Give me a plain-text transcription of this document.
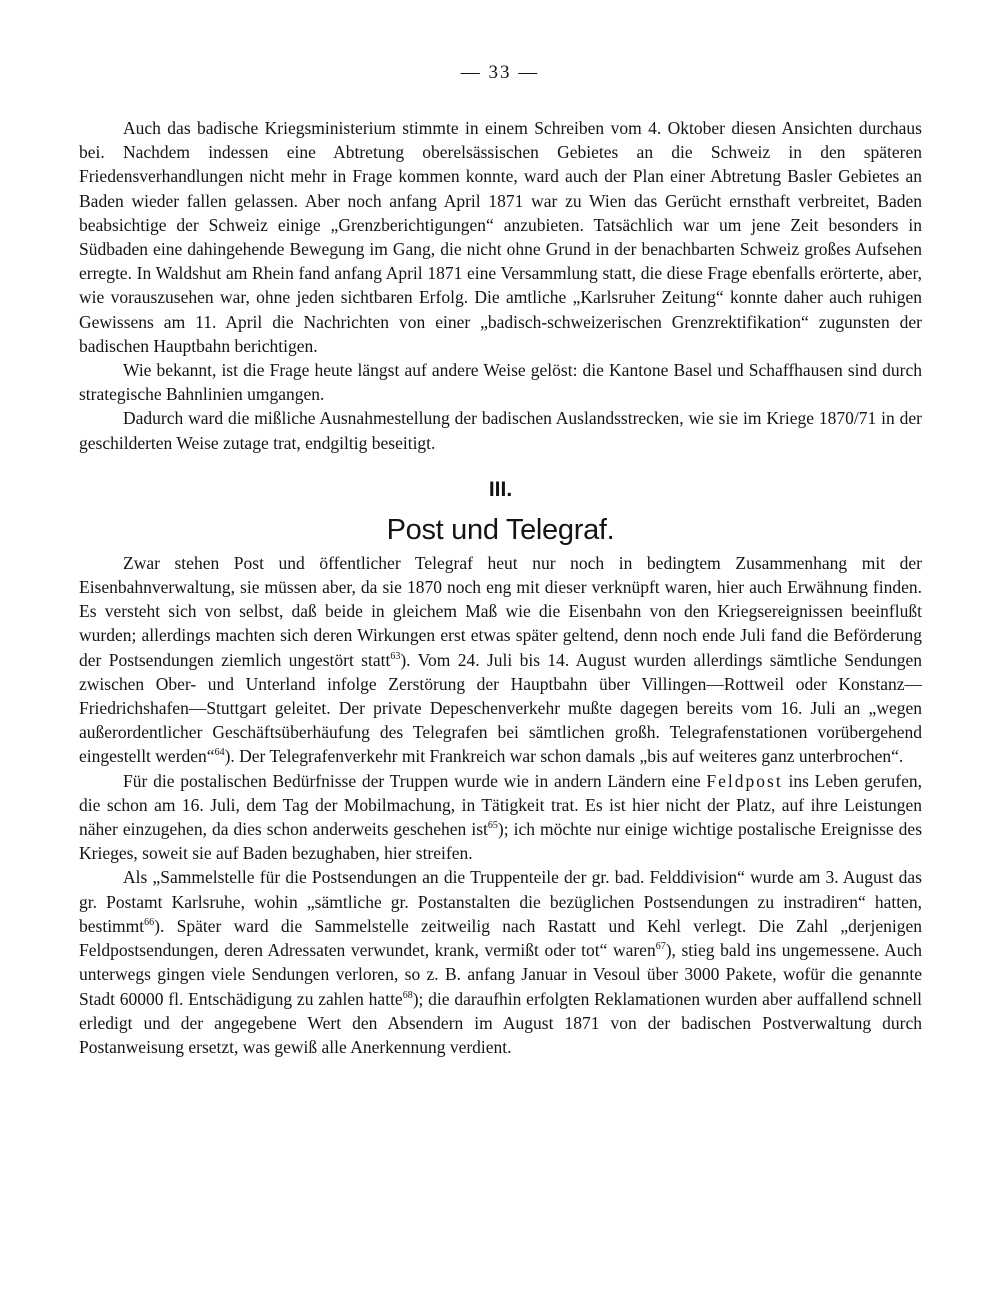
— 33 —

Auch das badische Kriegsministerium stimmte in einem Schreiben vom 4. Oktober diesen Ansichten durchaus bei. Nachdem indessen eine Abtretung oberelsässischen Gebietes an die Schweiz in den späteren Friedensverhandlungen nicht mehr in Frage kommen konnte, ward auch der Plan einer Abtretung Basler Gebietes an Baden wieder fallen gelassen. Aber noch anfang April 1871 war zu Wien das Gerücht ernsthaft verbreitet, Baden beabsichtige der Schweiz einige „Grenzberichtigungen“ anzubieten. Tatsächlich war um jene Zeit besonders in Südbaden eine dahingehende Bewegung im Gang, die nicht ohne Grund in der benachbarten Schweiz großes Aufsehen erregte. In Waldshut am Rhein fand anfang April 1871 eine Versammlung statt, die diese Frage ebenfalls erörterte, aber, wie vorauszusehen war, ohne jeden sichtbaren Erfolg. Die amtliche „Karlsruher Zeitung“ konnte daher auch ruhigen Gewissens am 11. April die Nachrichten von einer „badisch-schweizerischen Grenzrektifikation“ zugunsten der badischen Hauptbahn berichtigen.

Wie bekannt, ist die Frage heute längst auf andere Weise gelöst: die Kantone Basel und Schaffhausen sind durch strategische Bahnlinien umgangen.

Dadurch ward die mißliche Ausnahmestellung der badischen Auslandsstrecken, wie sie im Kriege 1870/71 in der geschilderten Weise zutage trat, endgiltig beseitigt.

III.
Post und Telegraf.

Zwar stehen Post und öffentlicher Telegraf heut nur noch in bedingtem Zusammenhang mit der Eisenbahnverwaltung, sie müssen aber, da sie 1870 noch eng mit dieser verknüpft waren, hier auch Erwähnung finden. Es versteht sich von selbst, daß beide in gleichem Maß wie die Eisenbahn von den Kriegsereignissen beeinflußt wurden; allerdings machten sich deren Wirkungen erst etwas später geltend, denn noch ende Juli fand die Beförderung der Postsendungen ziemlich ungestört statt$^{63}$). Vom 24. Juli bis 14. August wurden allerdings sämtliche Sendungen zwischen Ober- und Unterland infolge Zerstörung der Hauptbahn über Villingen—Rottweil oder Konstanz—Friedrichshafen—Stuttgart geleitet. Der private Depeschenverkehr mußte dagegen bereits vom 16. Juli an „wegen außerordentlicher Geschäftsüberhäufung des Telegrafen bei sämtlichen großh. Telegrafenstationen vorübergehend eingestellt werden“$^{64}$). Der Telegrafenverkehr mit Frankreich war schon damals „bis auf weiteres ganz unterbrochen“.

Für die postalischen Bedürfnisse der Truppen wurde wie in andern Ländern eine Feldpost ins Leben gerufen, die schon am 16. Juli, dem Tag der Mobilmachung, in Tätigkeit trat. Es ist hier nicht der Platz, auf ihre Leistungen näher einzugehen, da dies schon anderweits geschehen ist$^{65}$); ich möchte nur einige wichtige postalische Ereignisse des Krieges, soweit sie auf Baden bezughaben, hier streifen.

Als „Sammelstelle für die Postsendungen an die Truppenteile der gr. bad. Felddivision“ wurde am 3. August das gr. Postamt Karlsruhe, wohin „sämtliche gr. Postanstalten die bezüglichen Postsendungen zu instradiren“ hatten, bestimmt$^{66}$). Später ward die Sammelstelle zeitweilig nach Rastatt und Kehl verlegt. Die Zahl „derjenigen Feldpostsendungen, deren Adressaten verwundet, krank, vermißt oder tot“ waren$^{67}$), stieg bald ins ungemessene. Auch unterwegs gingen viele Sendungen verloren, so z. B. anfang Januar in Vesoul über 3000 Pakete, wofür die genannte Stadt 60000 fl. Entschädigung zu zahlen hatte$^{68}$); die daraufhin erfolgten Reklamationen wurden aber auffallend schnell erledigt und der angegebene Wert den Absendern im August 1871 von der badischen Postverwaltung durch Postanweisung ersetzt, was gewiß alle Anerkennung verdient.
